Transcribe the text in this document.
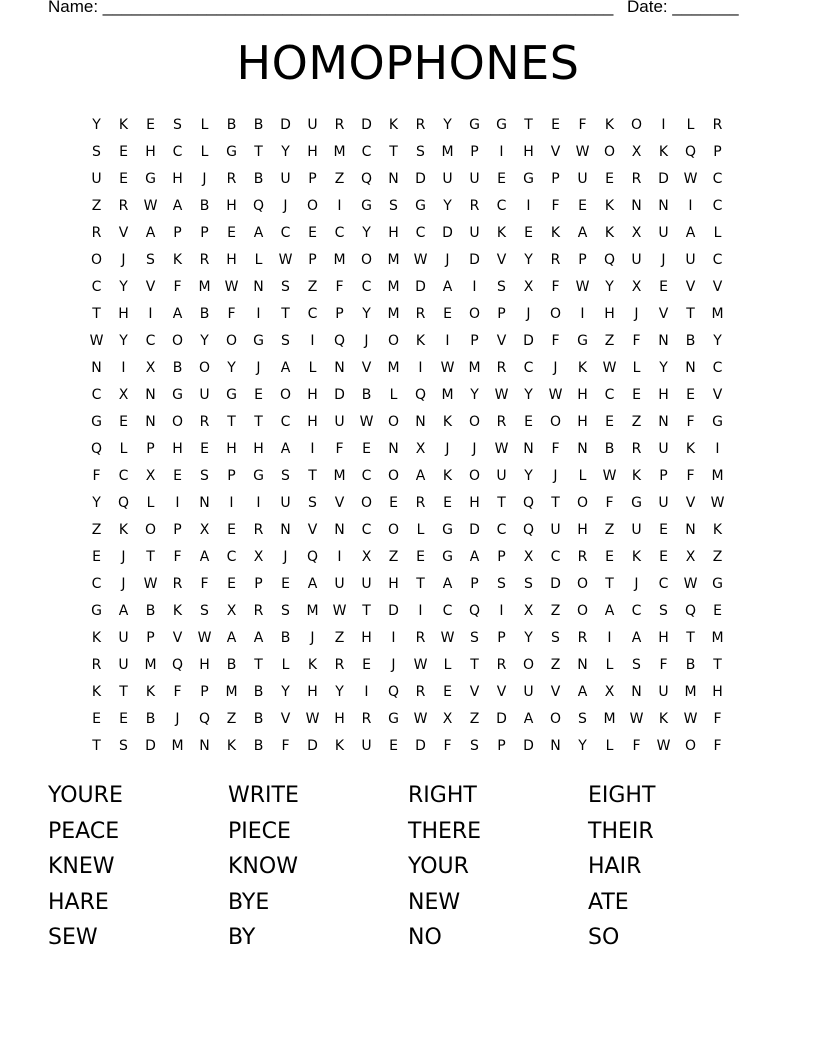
Name: ______________________________________________________ Date: _______
HOMOPHONES
Y	K	E	S	L	B	B	D	U	R	D	K	R	Y	G	G	T	E	F	K	O	I	L	R
S	E	H	C	L	G	T	Y	H	M	C	T	S	M	P	I	H	V	W	O	X	K	Q	P
U	E	G	H	J	R	B	U	P	Z	Q	N	D	U	U	E	G	P	U	E	R	D	W	C
Z	R	W	A	B	H	Q	J	O	I	G	S	G	Y	R	C	I	F	E	K	N	N	I	C
R	V	A	P	P	E	A	C	E	C	Y	H	C	D	U	K	E	K	A	K	X	U	A	L
O	J	S	K	R	H	L	W	P	M	O	M	W	J	D	V	Y	R	P	Q	U	J	U	C
C	Y	V	F	M	W	N	S	Z	F	C	M	D	A	I	S	X	F	W	Y	X	E	V	V
T	H	I	A	B	F	I	T	C	P	Y	M	R	E	O	P	J	O	I	H	J	V	T	M
W	Y	C	O	Y	O	G	S	I	Q	J	O	K	I	P	V	D	F	G	Z	F	N	B	Y
N	I	X	B	O	Y	J	A	L	N	V	M	I	W	M	R	C	J	K	W	L	Y	N	C
C	X	N	G	U	G	E	O	H	D	B	L	Q	M	Y	W	Y	W	H	C	E	H	E	V
G	E	N	O	R	T	T	C	H	U	W	O	N	K	O	R	E	O	H	E	Z	N	F	G
Q	L	P	H	E	H	H	A	I	F	E	N	X	J	J	W	N	F	N	B	R	U	K	I
F	C	X	E	S	P	G	S	T	M	C	O	A	K	O	U	Y	J	L	W	K	P	F	M
Y	Q	L	I	N	I	I	U	S	V	O	E	R	E	H	T	Q	T	O	F	G	U	V	W
Z	K	O	P	X	E	R	N	V	N	C	O	L	G	D	C	Q	U	H	Z	U	E	N	K
E	J	T	F	A	C	X	J	Q	I	X	Z	E	G	A	P	X	C	R	E	K	E	X	Z
C	J	W	R	F	E	P	E	A	U	U	H	T	A	P	S	S	D	O	T	J	C	W	G
G	A	B	K	S	X	R	S	M	W	T	D	I	C	Q	I	X	Z	O	A	C	S	Q	E
K	U	P	V	W	A	A	B	J	Z	H	I	R	W	S	P	Y	S	R	I	A	H	T	M
R	U	M	Q	H	B	T	L	K	R	E	J	W	L	T	R	O	Z	N	L	S	F	B	T
K	T	K	F	P	M	B	Y	H	Y	I	Q	R	E	V	V	U	V	A	X	N	U	M	H
E	E	B	J	Q	Z	B	V	W	H	R	G	W	X	Z	D	A	O	S	M	W	K	W	F
T	S	D	M	N	K	B	F	D	K	U	E	D	F	S	P	D	N	Y	L	F	W	O	F
YOURE	WRITE	RIGHT	EIGHT
PEACE	PIECE	THERE	THEIR
KNEW	KNOW	YOUR	HAIR
HARE	BYE	NEW	ATE
SEW	BY	NO	SO
